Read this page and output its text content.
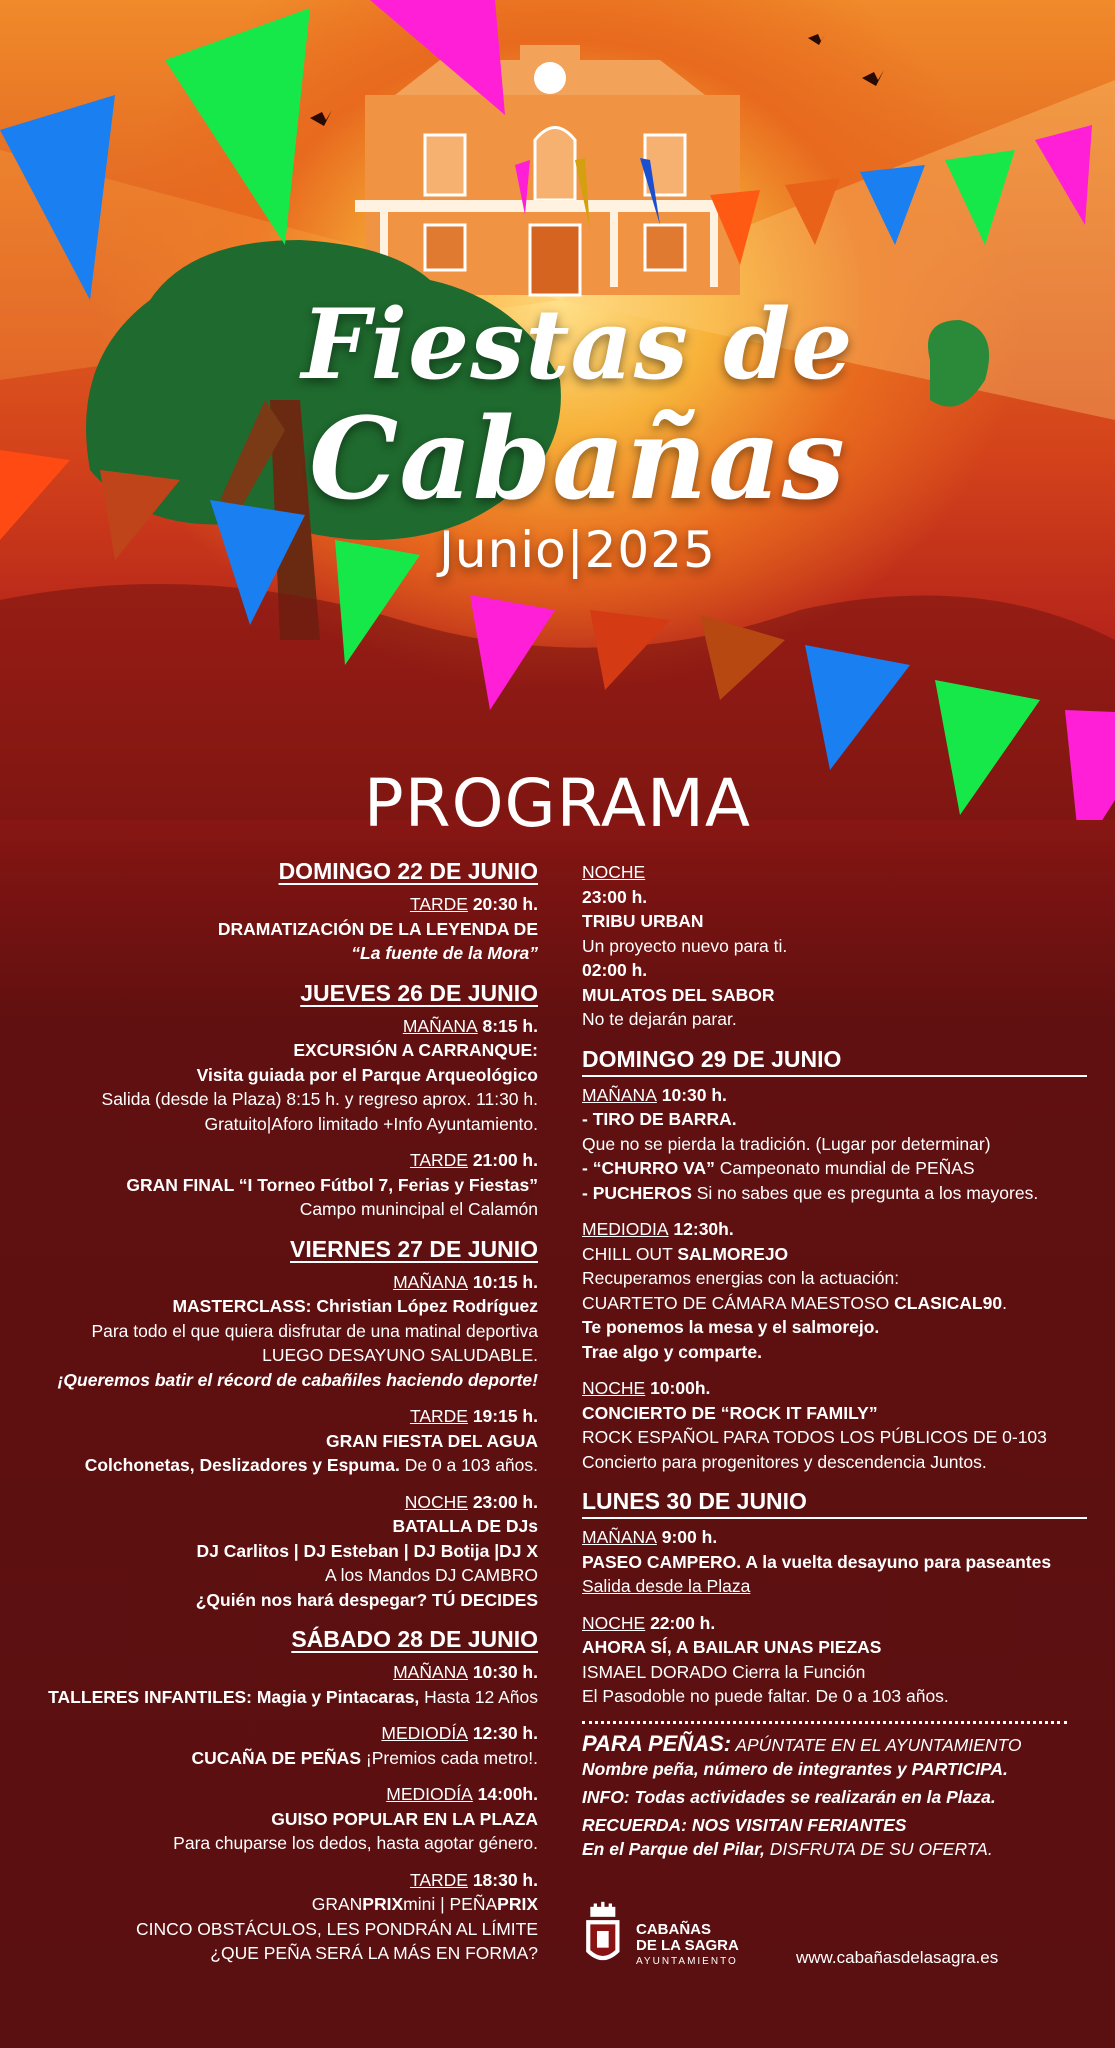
Fiestas de
Cabañas
Junio|2025
PROGRAMA
DOMINGO 22 DE JUNIO
TARDE 20:30 h.
DRAMATIZACIÓN DE LA LEYENDA DE
“La fuente de la Mora”
JUEVES 26 DE JUNIO
MAÑANA 8:15 h.
EXCURSIÓN A CARRANQUE:
Visita guiada por el Parque Arqueológico
Salida (desde la Plaza) 8:15 h. y regreso aprox. 11:30 h.
Gratuito|Aforo limitado +Info Ayuntamiento.
TARDE 21:00 h.
GRAN FINAL “I Torneo Fútbol 7, Ferias y Fiestas”
Campo munincipal el Calamón
VIERNES 27 DE JUNIO
MAÑANA 10:15 h.
MASTERCLASS: Christian López Rodríguez
Para todo el que quiera disfrutar de una matinal deportiva
LUEGO DESAYUNO SALUDABLE.
¡Queremos batir el récord de cabañiles haciendo deporte!
TARDE 19:15 h.
GRAN FIESTA DEL AGUA
Colchonetas, Deslizadores y Espuma. De 0 a 103 años.
NOCHE 23:00 h.
BATALLA DE DJs
DJ Carlitos | DJ Esteban | DJ Botija |DJ X
A los Mandos DJ CAMBRO
¿Quién nos hará despegar? TÚ DECIDES
SÁBADO 28 DE JUNIO
MAÑANA 10:30 h.
TALLERES INFANTILES: Magia y Pintacaras, Hasta 12 Años
MEDIODÍA 12:30 h.
CUCAÑA DE PEÑAS ¡Premios cada metro!.
MEDIODÍA 14:00h.
GUISO POPULAR EN LA PLAZA
Para chuparse los dedos, hasta agotar género.
TARDE 18:30 h.
GRANPRIXmini | PEÑAPRIX
CINCO OBSTÁCULOS, LES PONDRÁN AL LÍMITE
¿QUE PEÑA SERÁ LA MÁS EN FORMA?
NOCHE
23:00 h.
TRIBU URBAN
Un proyecto nuevo para ti.
02:00 h.
MULATOS DEL SABOR
No te dejarán parar.
DOMINGO 29 DE JUNIO
MAÑANA 10:30 h.
- TIRO DE BARRA.
Que no se pierda la tradición. (Lugar por determinar)
- “CHURRO VA” Campeonato mundial de PEÑAS
- PUCHEROS Si no sabes que es pregunta a los mayores.
MEDIODIA 12:30h.
CHILL OUT SALMOREJO
Recuperamos energias con la actuación:
CUARTETO DE CÁMARA MAESTOSO CLASICAL90.
Te ponemos la mesa y el salmorejo.
Trae algo y comparte.
NOCHE 10:00h.
CONCIERTO DE “ROCK IT FAMILY”
ROCK ESPAÑOL PARA TODOS LOS PÚBLICOS DE 0-103
Concierto para progenitores y descendencia Juntos.
LUNES 30 DE JUNIO
MAÑANA 9:00 h.
PASEO CAMPERO. A la vuelta desayuno para paseantes
Salida desde la Plaza
NOCHE 22:00 h.
AHORA SÍ, A BAILAR UNAS PIEZAS
ISMAEL DORADO Cierra la Función
El Pasodoble no puede faltar. De 0 a 103 años.
PARA PEÑAS: APÚNTATE EN EL AYUNTAMIENTO
Nombre peña, número de integrantes y PARTICIPA.
INFO: Todas actividades se realizarán en la Plaza.
RECUERDA: NOS VISITAN FERIANTES
En el Parque del Pilar, DISFRUTA DE SU OFERTA.
CABAÑAS
DE LA SAGRA
AYUNTAMIENTO	www.cabañasdelasagra.es
